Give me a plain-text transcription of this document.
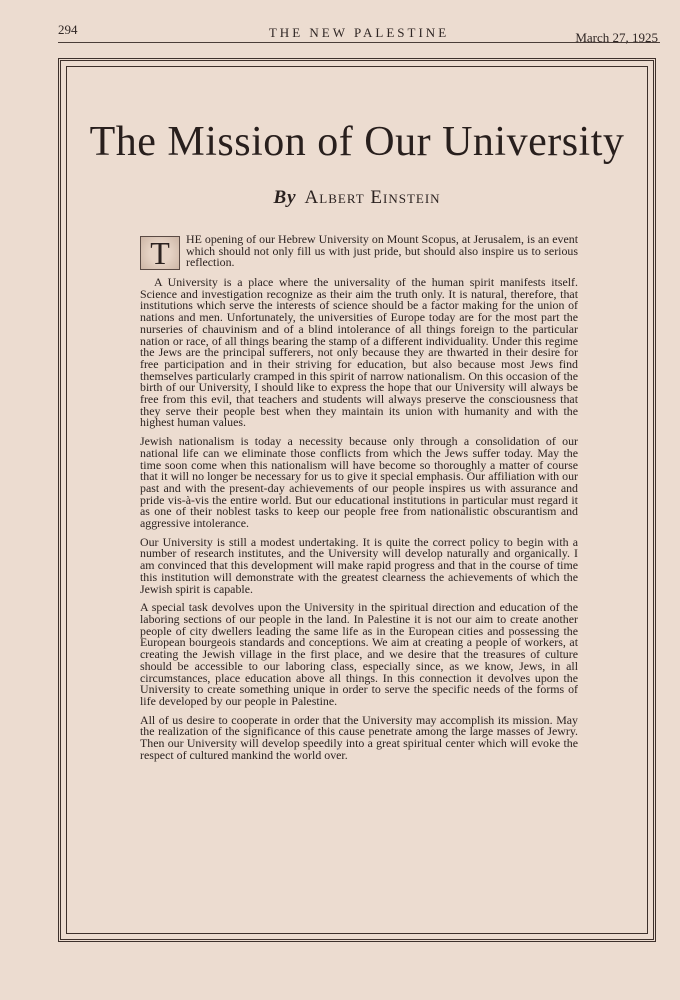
294	THE NEW PALESTINE	March 27, 1925
The Mission of Our University
By Albert Einstein

T	HE opening of our Hebrew University on Mount Scopus, at Jerusalem, is an event which should not only fill us with just pride, but should also inspire us to serious reflection.

A University is a place where the universality of the human spirit manifests itself. Science and investigation recognize as their aim the truth only. It is natural, therefore, that institutions which serve the interests of science should be a factor making for the union of nations and men. Unfortunately, the universities of Europe today are for the most part the nurseries of chauvinism and of a blind intolerance of all things foreign to the particular nation or race, of all things bearing the stamp of a different individuality. Under this regime the Jews are the principal sufferers, not only because they are thwarted in their desire for free participation and in their striving for education, but also because most Jews find themselves particularly cramped in this spirit of narrow nationalism. On this occasion of the birth of our University, I should like to express the hope that our University will always be free from this evil, that teachers and students will always preserve the consciousness that they serve their people best when they maintain its union with humanity and with the highest human values.

Jewish nationalism is today a necessity because only through a consolidation of our national life can we eliminate those conflicts from which the Jews suffer today. May the time soon come when this nationalism will have become so thoroughly a matter of course that it will no longer be necessary for us to give it special emphasis. Our affiliation with our past and with the present-day achievements of our people inspires us with assurance and pride vis-à-vis the entire world. But our educational institutions in particular must regard it as one of their noblest tasks to keep our people free from nationalistic obscurantism and aggressive intolerance.

Our University is still a modest undertaking. It is quite the correct policy to begin with a number of research institutes, and the University will develop naturally and organically. I am convinced that this development will make rapid progress and that in the course of time this institution will demonstrate with the greatest clearness the achievements of which the Jewish spirit is capable.

A special task devolves upon the University in the spiritual direction and education of the laboring sections of our people in the land. In Palestine it is not our aim to create another people of city dwellers leading the same life as in the European cities and possessing the European bourgeois standards and conceptions. We aim at creating a people of workers, at creating the Jewish village in the first place, and we desire that the treasures of culture should be accessible to our laboring class, especially since, as we know, Jews, in all circumstances, place education above all things. In this connection it devolves upon the University to create something unique in order to serve the specific needs of the forms of life developed by our people in Palestine.

All of us desire to cooperate in order that the University may accomplish its mission. May the realization of the significance of this cause penetrate among the large masses of Jewry. Then our University will develop speedily into a great spiritual center which will evoke the respect of cultured mankind the world over.
